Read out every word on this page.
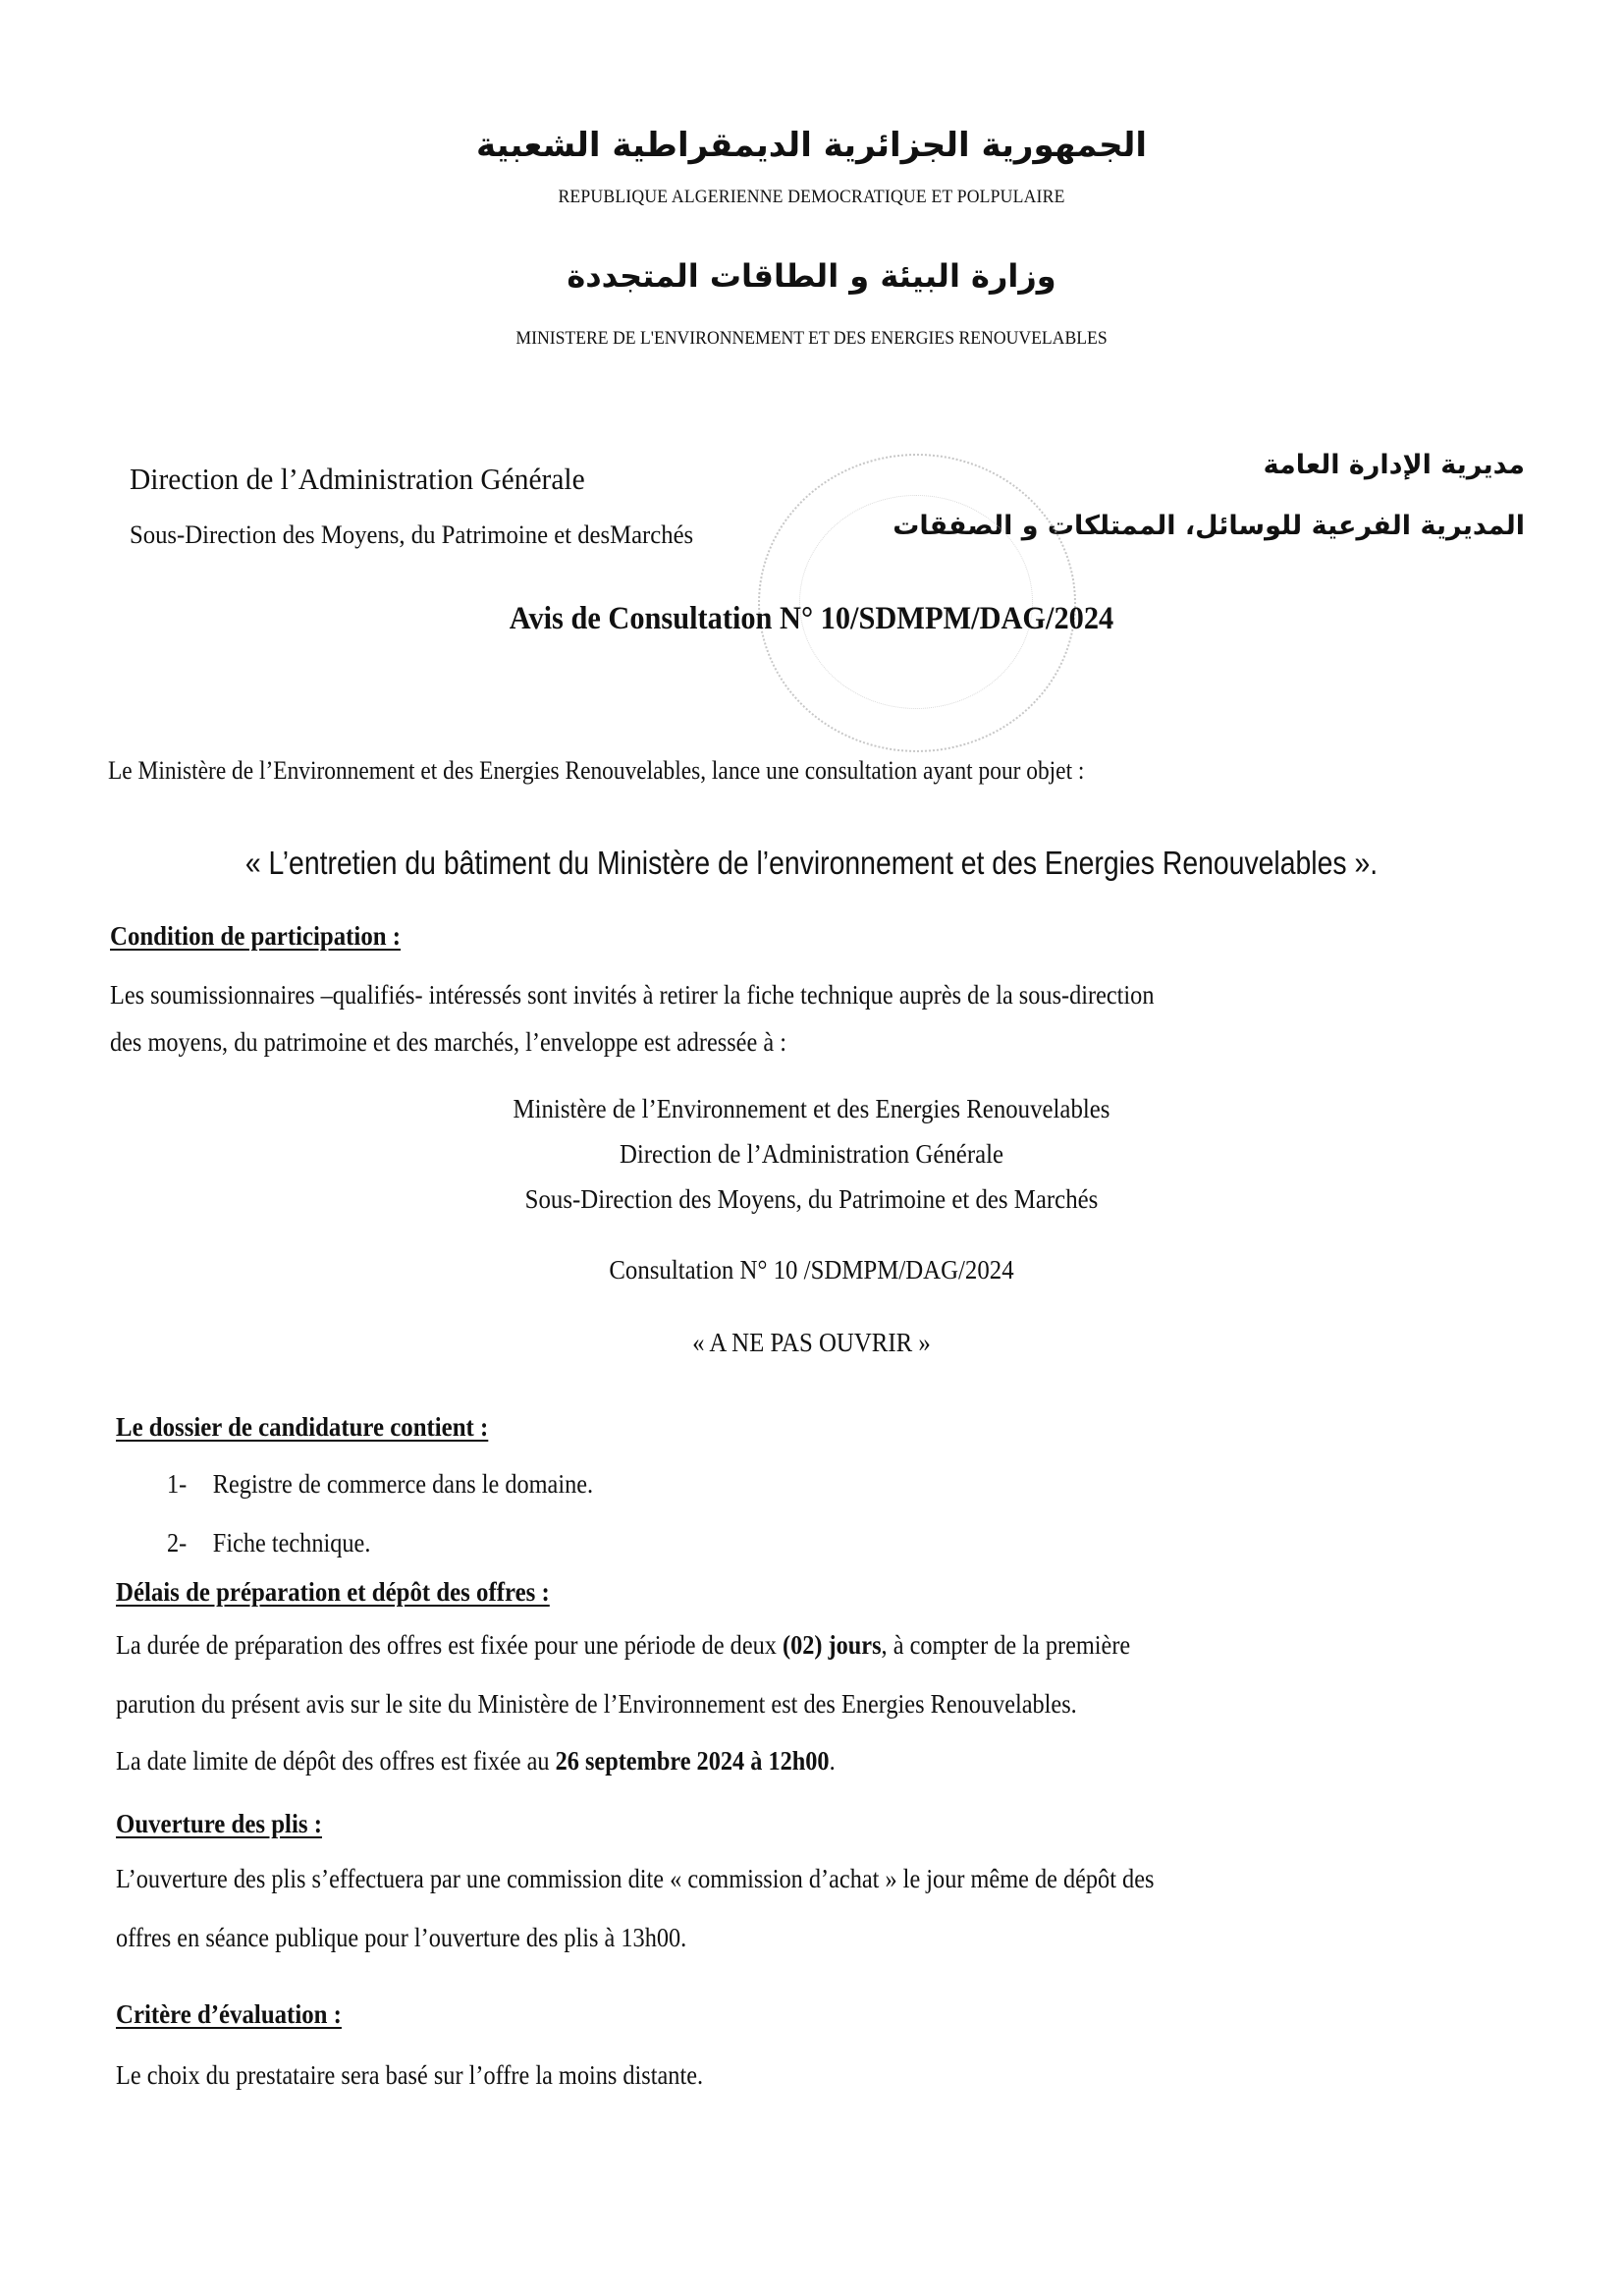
الجمهورية الجزائرية الديمقراطية الشعبية
REPUBLIQUE ALGERIENNE DEMOCRATIQUE ET POLPULAIRE
وزارة البيئة و الطاقات المتجددة
MINISTERE DE L'ENVIRONNEMENT ET DES ENERGIES RENOUVELABLES
Direction de l’Administration Générale
Sous-Direction des Moyens, du Patrimoine et desMarchés
مديرية الإدارة العامة
المديرية الفرعية للوسائل، الممتلكات و الصفقات
Avis de Consultation N° 10/SDMPM/DAG/2024
Le Ministère de l’Environnement et des Energies Renouvelables, lance une consultation ayant pour objet :
« L’entretien du bâtiment du Ministère de l’environnement et des Energies Renouvelables ».
Condition de participation :
Les soumissionnaires –qualifiés- intéressés sont invités à retirer la fiche technique auprès de la sous-direction
des moyens, du patrimoine et des marchés, l’enveloppe est adressée à :
Ministère de l’Environnement et des Energies Renouvelables
Direction de l’Administration Générale
Sous-Direction des Moyens, du Patrimoine et des Marchés
Consultation N° 10 /SDMPM/DAG/2024
« A NE PAS OUVRIR »
Le dossier de candidature contient :
1- Registre de commerce dans le domaine.
2- Fiche technique.
Délais de préparation et dépôt des offres :
La durée de préparation des offres est fixée pour une période de deux (02) jours, à compter de la première
parution du présent avis sur le site du Ministère de l’Environnement est des Energies Renouvelables.
La date limite de dépôt des offres est fixée au 26 septembre 2024 à 12h00.
Ouverture des plis :
L’ouverture des plis s’effectuera par une commission dite « commission d’achat » le jour même de dépôt des
offres en séance publique pour l’ouverture des plis à 13h00.
Critère d’évaluation :
Le choix du prestataire sera basé sur l’offre la moins distante.
